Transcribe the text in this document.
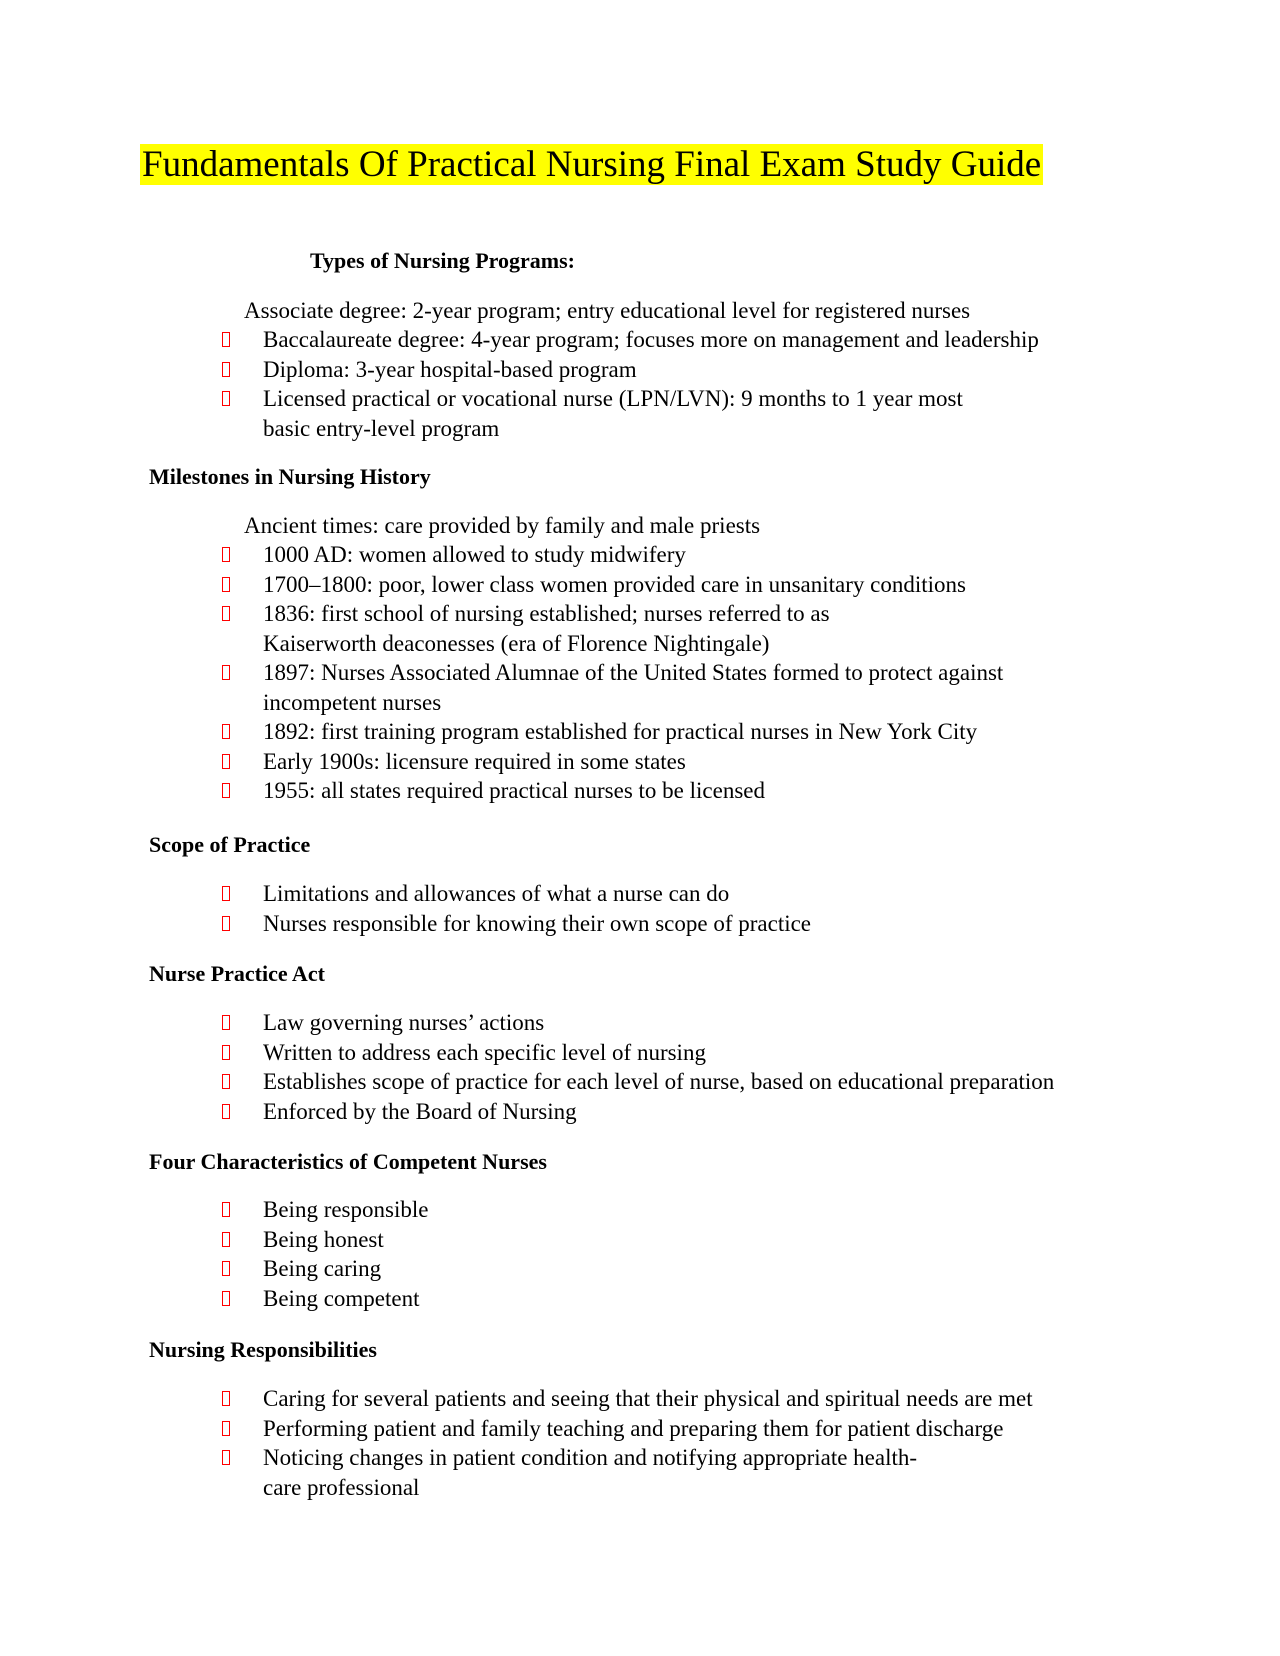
Fundamentals Of Practical Nursing Final Exam Study Guide
Types of Nursing Programs:
Associate degree: 2-year program; entry educational level for registered nurses
Baccalaureate degree: 4-year program; focuses more on management and leadership
Diploma: 3-year hospital-based program
Licensed practical or vocational nurse (LPN/LVN): 9 months to 1 year most
basic entry-level program
Milestones in Nursing History
Ancient times: care provided by family and male priests
1000 AD: women allowed to study midwifery
1700–1800: poor, lower class women provided care in unsanitary conditions
1836: first school of nursing established; nurses referred to as
Kaiserworth deaconesses (era of Florence Nightingale)
1897: Nurses Associated Alumnae of the United States formed to protect against
incompetent nurses
1892: first training program established for practical nurses in New York City
Early 1900s: licensure required in some states
1955: all states required practical nurses to be licensed
Scope of Practice
Limitations and allowances of what a nurse can do
Nurses responsible for knowing their own scope of practice
Nurse Practice Act
Law governing nurses’ actions
Written to address each specific level of nursing
Establishes scope of practice for each level of nurse, based on educational preparation
Enforced by the Board of Nursing
Four Characteristics of Competent Nurses
Being responsible
Being honest
Being caring
Being competent
Nursing Responsibilities
Caring for several patients and seeing that their physical and spiritual needs are met
Performing patient and family teaching and preparing them for patient discharge
Noticing changes in patient condition and notifying appropriate health-
care professional
